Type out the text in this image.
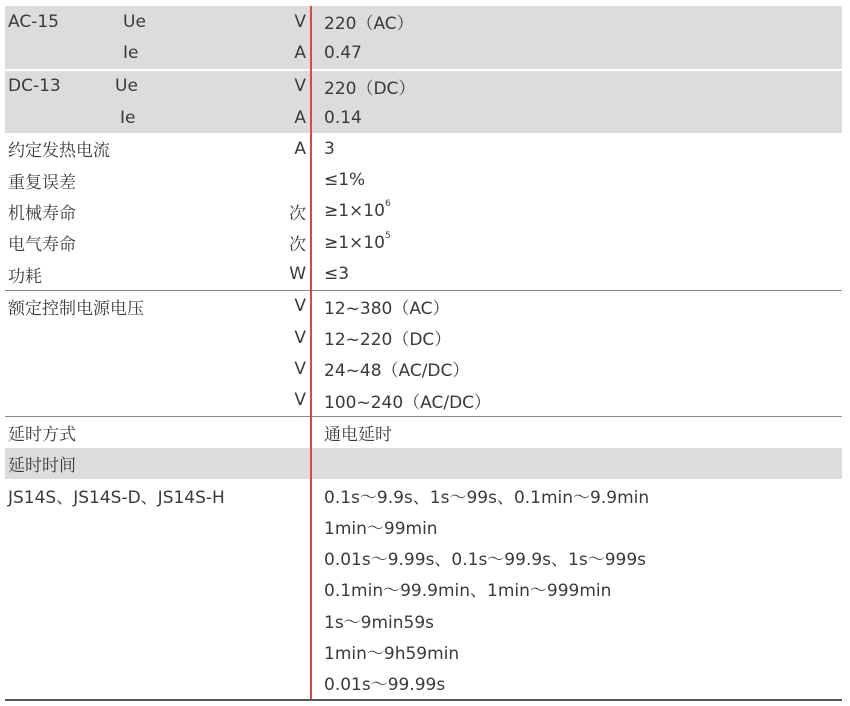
AC-15	Ue	V 220（AC）
Ie	A 0.47
DC-13	Ue	V 220（DC）
Ie	A 0.14
约定发热电流	A 3
重复误差	≤1%
机械寿命	次 $\ge 1\times 10^6$
电气寿命	次 $\ge 1\times 10^5$
功耗	W ≤3
额定控制电源电压	V 12~380（AC）
V 12~220（DC）
V 24~48（AC/DC）
V 100~240（AC/DC）
延时方式	通电延时
延时时间
JS14S、JS14S-D、JS14S-H	0.1s～9.9s、1s～99s、0.1min～9.9min
1min～99min
0.01s～9.99s、0.1s～99.9s、1s～999s
0.1min～99.9min、1min～999min
1s～9min59s
1min～9h59min
0.01s～99.99s
